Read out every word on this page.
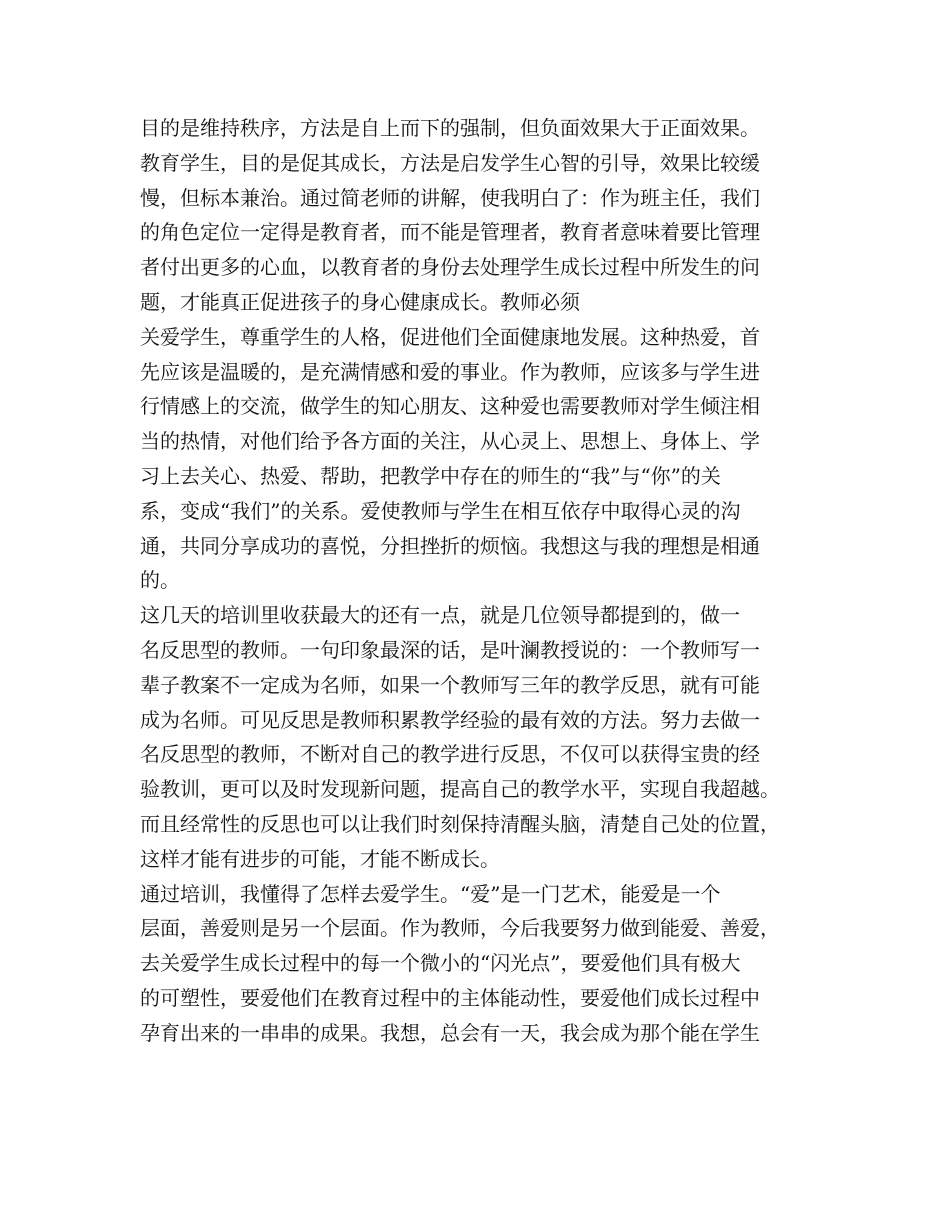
目的是维持秩序，方法是自上而下的强制，但负面效果大于正面效果。
教育学生，目的是促其成长，方法是启发学生心智的引导，效果比较缓
慢，但标本兼治。通过简老师的讲解，使我明白了：作为班主任，我们
的角色定位一定得是教育者，而不能是管理者，教育者意味着要比管理
者付出更多的心血，以教育者的身份去处理学生成长过程中所发生的问
题，才能真正促进孩子的身心健康成长。教师必须
关爱学生，尊重学生的人格，促进他们全面健康地发展。这种热爱，首
先应该是温暖的，是充满情感和爱的事业。作为教师，应该多与学生进
行情感上的交流，做学生的知心朋友、这种爱也需要教师对学生倾注相
当的热情，对他们给予各方面的关注，从心灵上、思想上、身体上、学
习上去关心、热爱、帮助，把教学中存在的师生的“我”与“你”的关
系，变成“我们”的关系。爱使教师与学生在相互依存中取得心灵的沟
通，共同分享成功的喜悦，分担挫折的烦恼。我想这与我的理想是相通
的。
这几天的培训里收获最大的还有一点，就是几位领导都提到的，做一
名反思型的教师。一句印象最深的话，是叶澜教授说的：一个教师写一
辈子教案不一定成为名师，如果一个教师写三年的教学反思，就有可能
成为名师。可见反思是教师积累教学经验的最有效的方法。努力去做一
名反思型的教师，不断对自己的教学进行反思，不仅可以获得宝贵的经
验教训，更可以及时发现新问题，提高自己的教学水平，实现自我超越。
而且经常性的反思也可以让我们时刻保持清醒头脑，清楚自己处的位置，
这样才能有进步的可能，才能不断成长。
通过培训，我懂得了怎样去爱学生。“爱”是一门艺术，能爱是一个
层面，善爱则是另一个层面。作为教师，今后我要努力做到能爱、善爱，
去关爱学生成长过程中的每一个微小的“闪光点”，要爱他们具有极大
的可塑性，要爱他们在教育过程中的主体能动性，要爱他们成长过程中
孕育出来的一串串的成果。我想，总会有一天，我会成为那个能在学生
